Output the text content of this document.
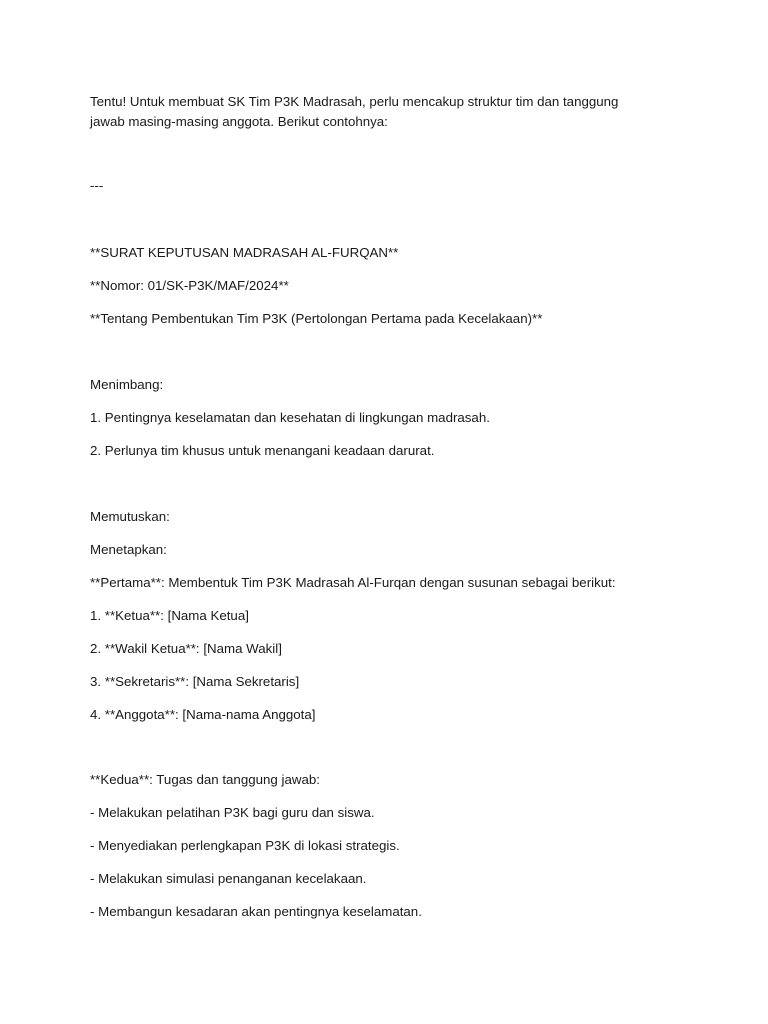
Tentu! Untuk membuat SK Tim P3K Madrasah, perlu mencakup struktur tim dan tanggung jawab masing-masing anggota. Berikut contohnya:
---
**SURAT KEPUTUSAN MADRASAH AL-FURQAN**
**Nomor: 01/SK-P3K/MAF/2024**
**Tentang Pembentukan Tim P3K (Pertolongan Pertama pada Kecelakaan)**
Menimbang:
1. Pentingnya keselamatan dan kesehatan di lingkungan madrasah.
2. Perlunya tim khusus untuk menangani keadaan darurat.
Memutuskan:
Menetapkan:
**Pertama**: Membentuk Tim P3K Madrasah Al-Furqan dengan susunan sebagai berikut:
1. **Ketua**: [Nama Ketua]
2. **Wakil Ketua**: [Nama Wakil]
3. **Sekretaris**: [Nama Sekretaris]
4. **Anggota**: [Nama-nama Anggota]
**Kedua**: Tugas dan tanggung jawab:
- Melakukan pelatihan P3K bagi guru dan siswa.
- Menyediakan perlengkapan P3K di lokasi strategis.
- Melakukan simulasi penanganan kecelakaan.
- Membangun kesadaran akan pentingnya keselamatan.
